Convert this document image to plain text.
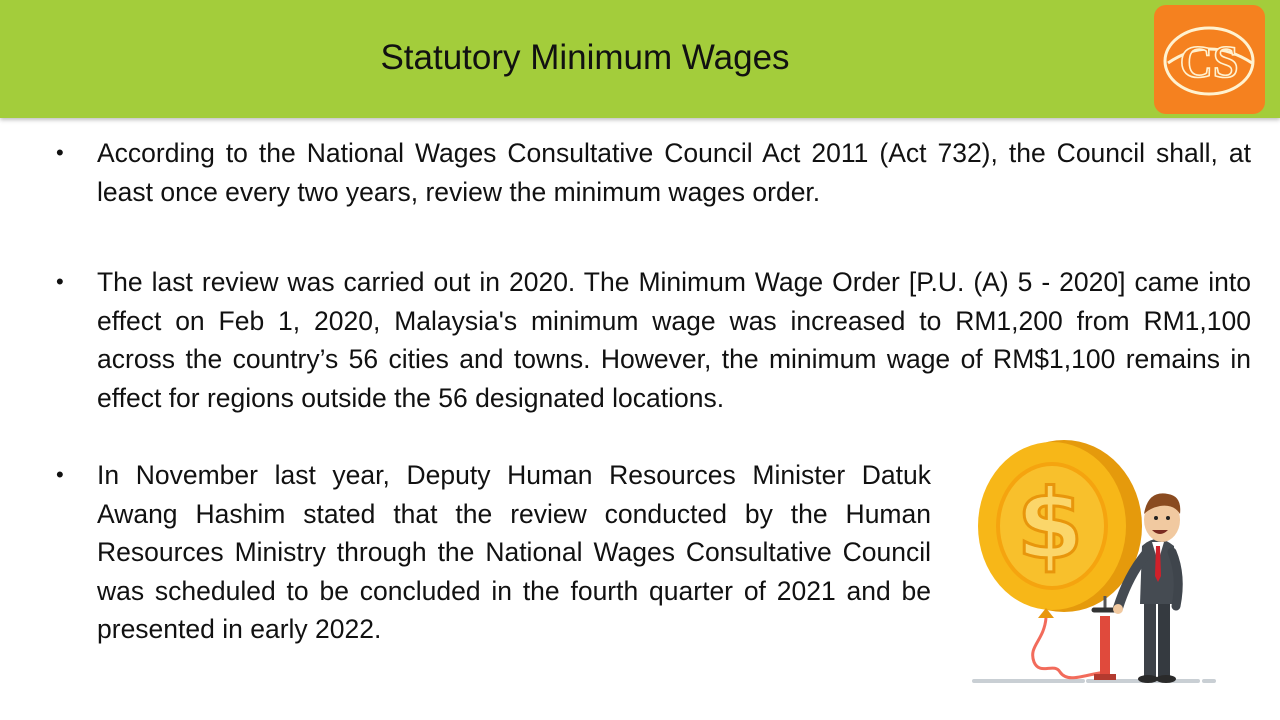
Statutory Minimum Wages	CS
• According to the National Wages Consultative Council Act 2011 (Act 732), the Council shall, at least once every two years, review the minimum wages order.
• The last review was carried out in 2020. The Minimum Wage Order [P.U. (A) 5 - 2020] came into effect on Feb 1, 2020, Malaysia's minimum wage was increased to RM1,200 from RM1,100 across the country’s 56 cities and towns. However, the minimum wage of RM$1,100 remains in effect for regions outside the 56 designated locations.
• In November last year, Deputy Human Resources Minister Datuk Awang Hashim stated that the review conducted by the Human Resources Ministry through the National Wages Consultative Council was scheduled to be concluded in the fourth quarter of 2021 and be presented in early 2022.
$
